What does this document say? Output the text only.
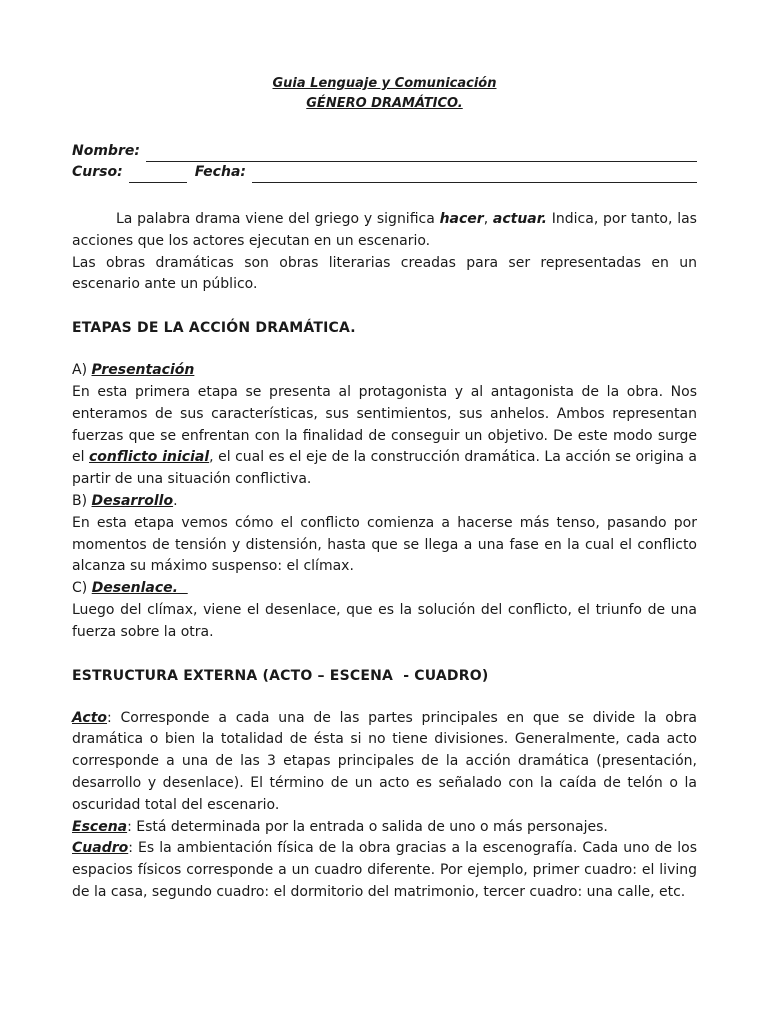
Guia Lenguaje y Comunicación

GÉNERO DRAMÁTICO.

Nombre:
Curso:	Fecha:

La palabra drama viene del griego y significa hacer, actuar. Indica, por tanto, las acciones que los actores ejecutan en un escenario.

Las obras dramáticas son obras literarias creadas para ser representadas en un escenario ante un público.

ETAPAS DE LA ACCIÓN DRAMÁTICA.

A) Presentación

En esta primera etapa se presenta al protagonista y al antagonista de la obra. Nos enteramos de sus características, sus sentimientos, sus anhelos. Ambos representan fuerzas que se enfrentan con la finalidad de conseguir un objetivo. De este modo surge el conflicto inicial, el cual es el eje de la construcción dramática. La acción se origina a partir de una situación conflictiva.

B) Desarrollo.

En esta etapa vemos cómo el conflicto comienza a hacerse más tenso, pasando por momentos de tensión y distensión, hasta que se llega a una fase en la cual el conflicto alcanza su máximo suspenso: el clímax.

C) Desenlace.

Luego del clímax, viene el desenlace, que es la solución del conflicto, el triunfo de una fuerza sobre la otra.

ESTRUCTURA EXTERNA (ACTO – ESCENA  - CUADRO)

Acto: Corresponde a cada una de las partes principales en que se divide la obra dramática o bien la totalidad de ésta si no tiene divisiones. Generalmente, cada acto corresponde a una de las 3 etapas principales de la acción dramática (presentación, desarrollo y desenlace). El término de un acto es señalado con la caída de telón o la oscuridad total del escenario.

Escena: Está determinada por la entrada o salida de uno o más personajes.

Cuadro: Es la ambientación física de la obra gracias a la escenografía. Cada uno de los espacios físicos corresponde a un cuadro diferente. Por ejemplo, primer cuadro: el living de la casa, segundo cuadro: el dormitorio del matrimonio, tercer cuadro: una calle, etc.
